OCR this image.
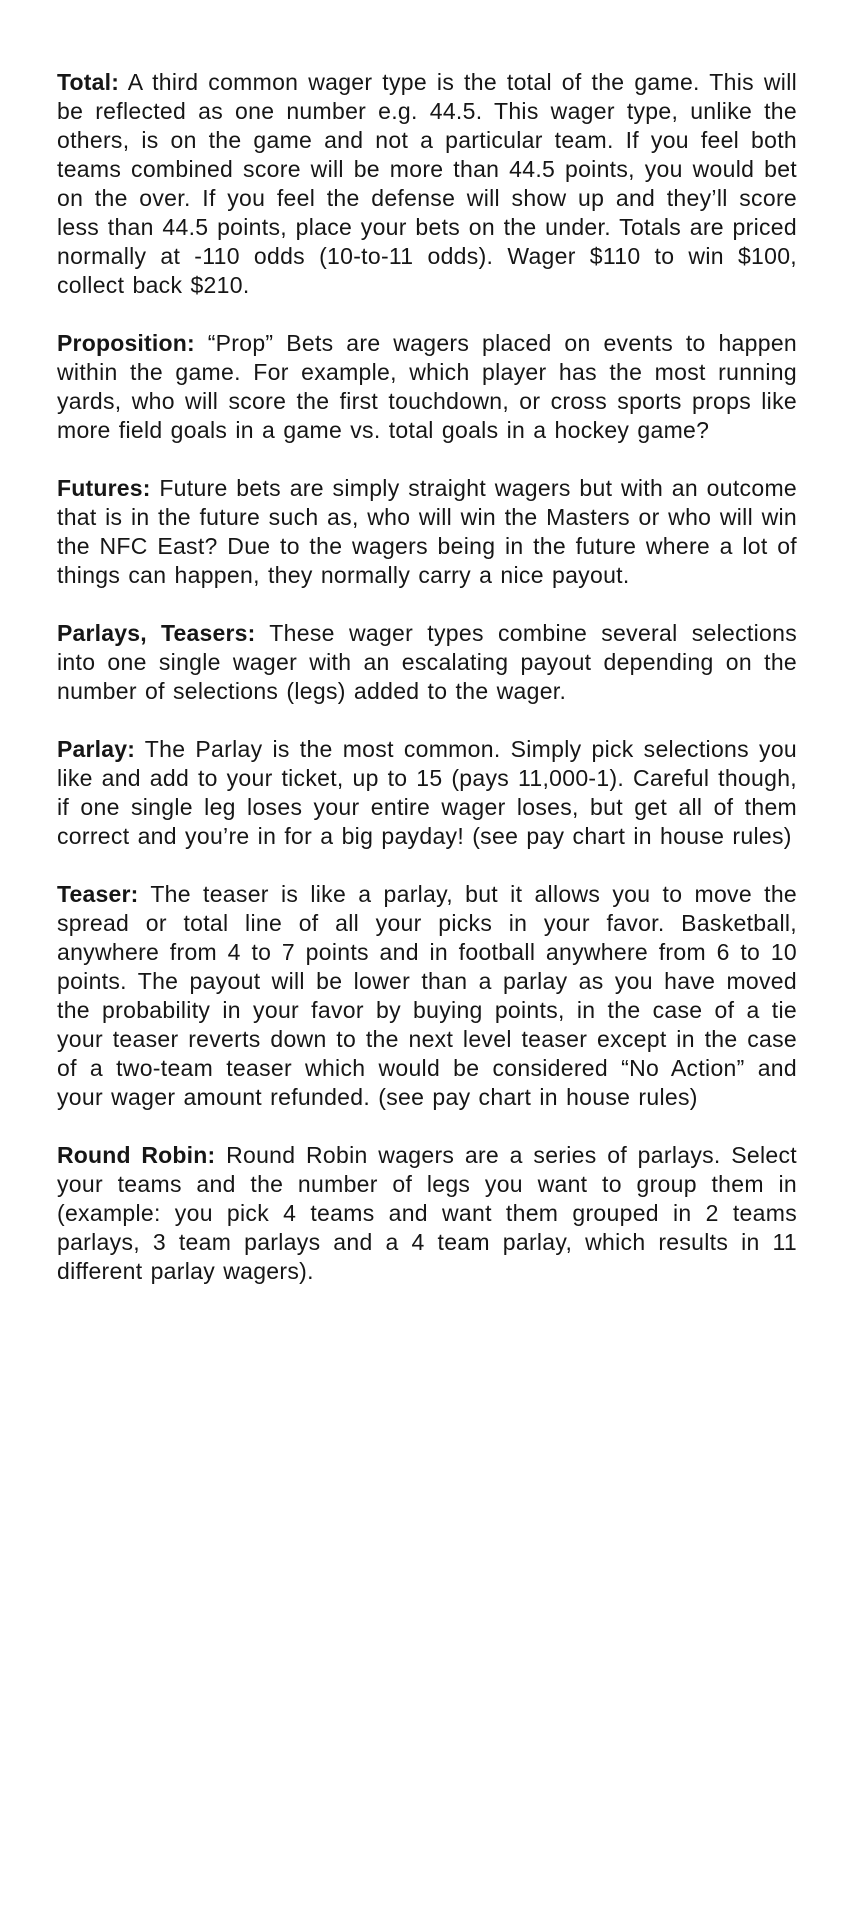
Total: A third common wager type is the total of the game. This will be reflected as one number e.g. 44.5. This wager type, unlike the others, is on the game and not a particular team. If you feel both teams combined score will be more than 44.5 points, you would bet on the over. If you feel the defense will show up and they’ll score less than 44.5 points, place your bets on the under. Totals are priced normally at -110 odds (10-to-11 odds). Wager $110 to win $100, collect back $210.

Proposition: “Prop” Bets are wagers placed on events to happen within the game. For example, which player has the most running yards, who will score the first touchdown, or cross sports props like more field goals in a game vs. total goals in a hockey game?

Futures: Future bets are simply straight wagers but with an outcome that is in the future such as, who will win the Masters or who will win the NFC East? Due to the wagers being in the future where a lot of things can happen, they normally carry a nice payout.

Parlays, Teasers: These wager types combine several selections into one single wager with an escalating payout depending on the number of selections (legs) added to the wager.

Parlay: The Parlay is the most common. Simply pick selections you like and add to your ticket, up to 15 (pays 11,000-1). Careful though, if one single leg loses your entire wager loses, but get all of them correct and you’re in for a big payday! (see pay chart in house rules)

Teaser: The teaser is like a parlay, but it allows you to move the spread or total line of all your picks in your favor. Basketball, anywhere from 4 to 7 points and in football anywhere from 6 to 10 points. The payout will be lower than a parlay as you have moved the probability in your favor by buying points, in the case of a tie your teaser reverts down to the next level teaser except in the case of a two-team teaser which would be considered “No Action” and your wager amount refunded. (see pay chart in house rules)

Round Robin: Round Robin wagers are a series of parlays. Select your teams and the number of legs you want to group them in (example: you pick 4 teams and want them grouped in 2 teams parlays, 3 team parlays and a 4 team parlay, which results in 11 different parlay wagers).
